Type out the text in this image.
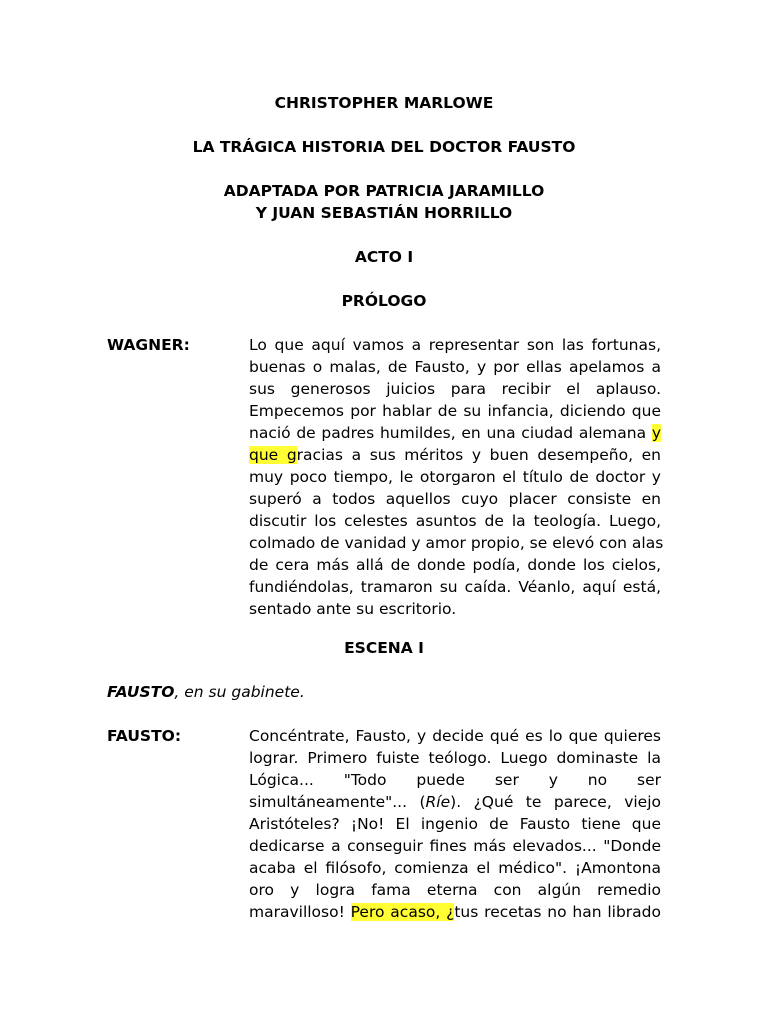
CHRISTOPHER MARLOWE
LA TRÁGICA HISTORIA DEL DOCTOR FAUSTO
ADAPTADA POR PATRICIA JARAMILLO
Y JUAN SEBASTIÁN HORRILLO
ACTO I
PRÓLOGO
WAGNER:	Lo que aquí vamos a representar son las fortunas,
buenas o malas, de Fausto, y por ellas apelamos a
sus generosos juicios para recibir el aplauso.
Empecemos por hablar de su infancia, diciendo que
nació de padres humildes, en una ciudad alemana y
que gracias a sus méritos y buen desempeño, en
muy poco tiempo, le otorgaron el título de doctor y
superó a todos aquellos cuyo placer consiste en
discutir los celestes asuntos de la teología. Luego,
colmado de vanidad y amor propio, se elevó con alas
de cera más allá de donde podía, donde los cielos,
fundiéndolas, tramaron su caída. Véanlo, aquí está,
sentado ante su escritorio.
ESCENA I
FAUSTO, en su gabinete.
FAUSTO:	Concéntrate, Fausto, y decide qué es lo que quieres
lograr. Primero fuiste teólogo. Luego dominaste la
Lógica... "Todo puede ser y no ser
simultáneamente"... (Ríe). ¿Qué te parece, viejo
Aristóteles? ¡No! El ingenio de Fausto tiene que
dedicarse a conseguir fines más elevados... "Donde
acaba el filósofo, comienza el médico". ¡Amontona
oro y logra fama eterna con algún remedio
maravilloso! Pero acaso, ¿tus recetas no han librado
